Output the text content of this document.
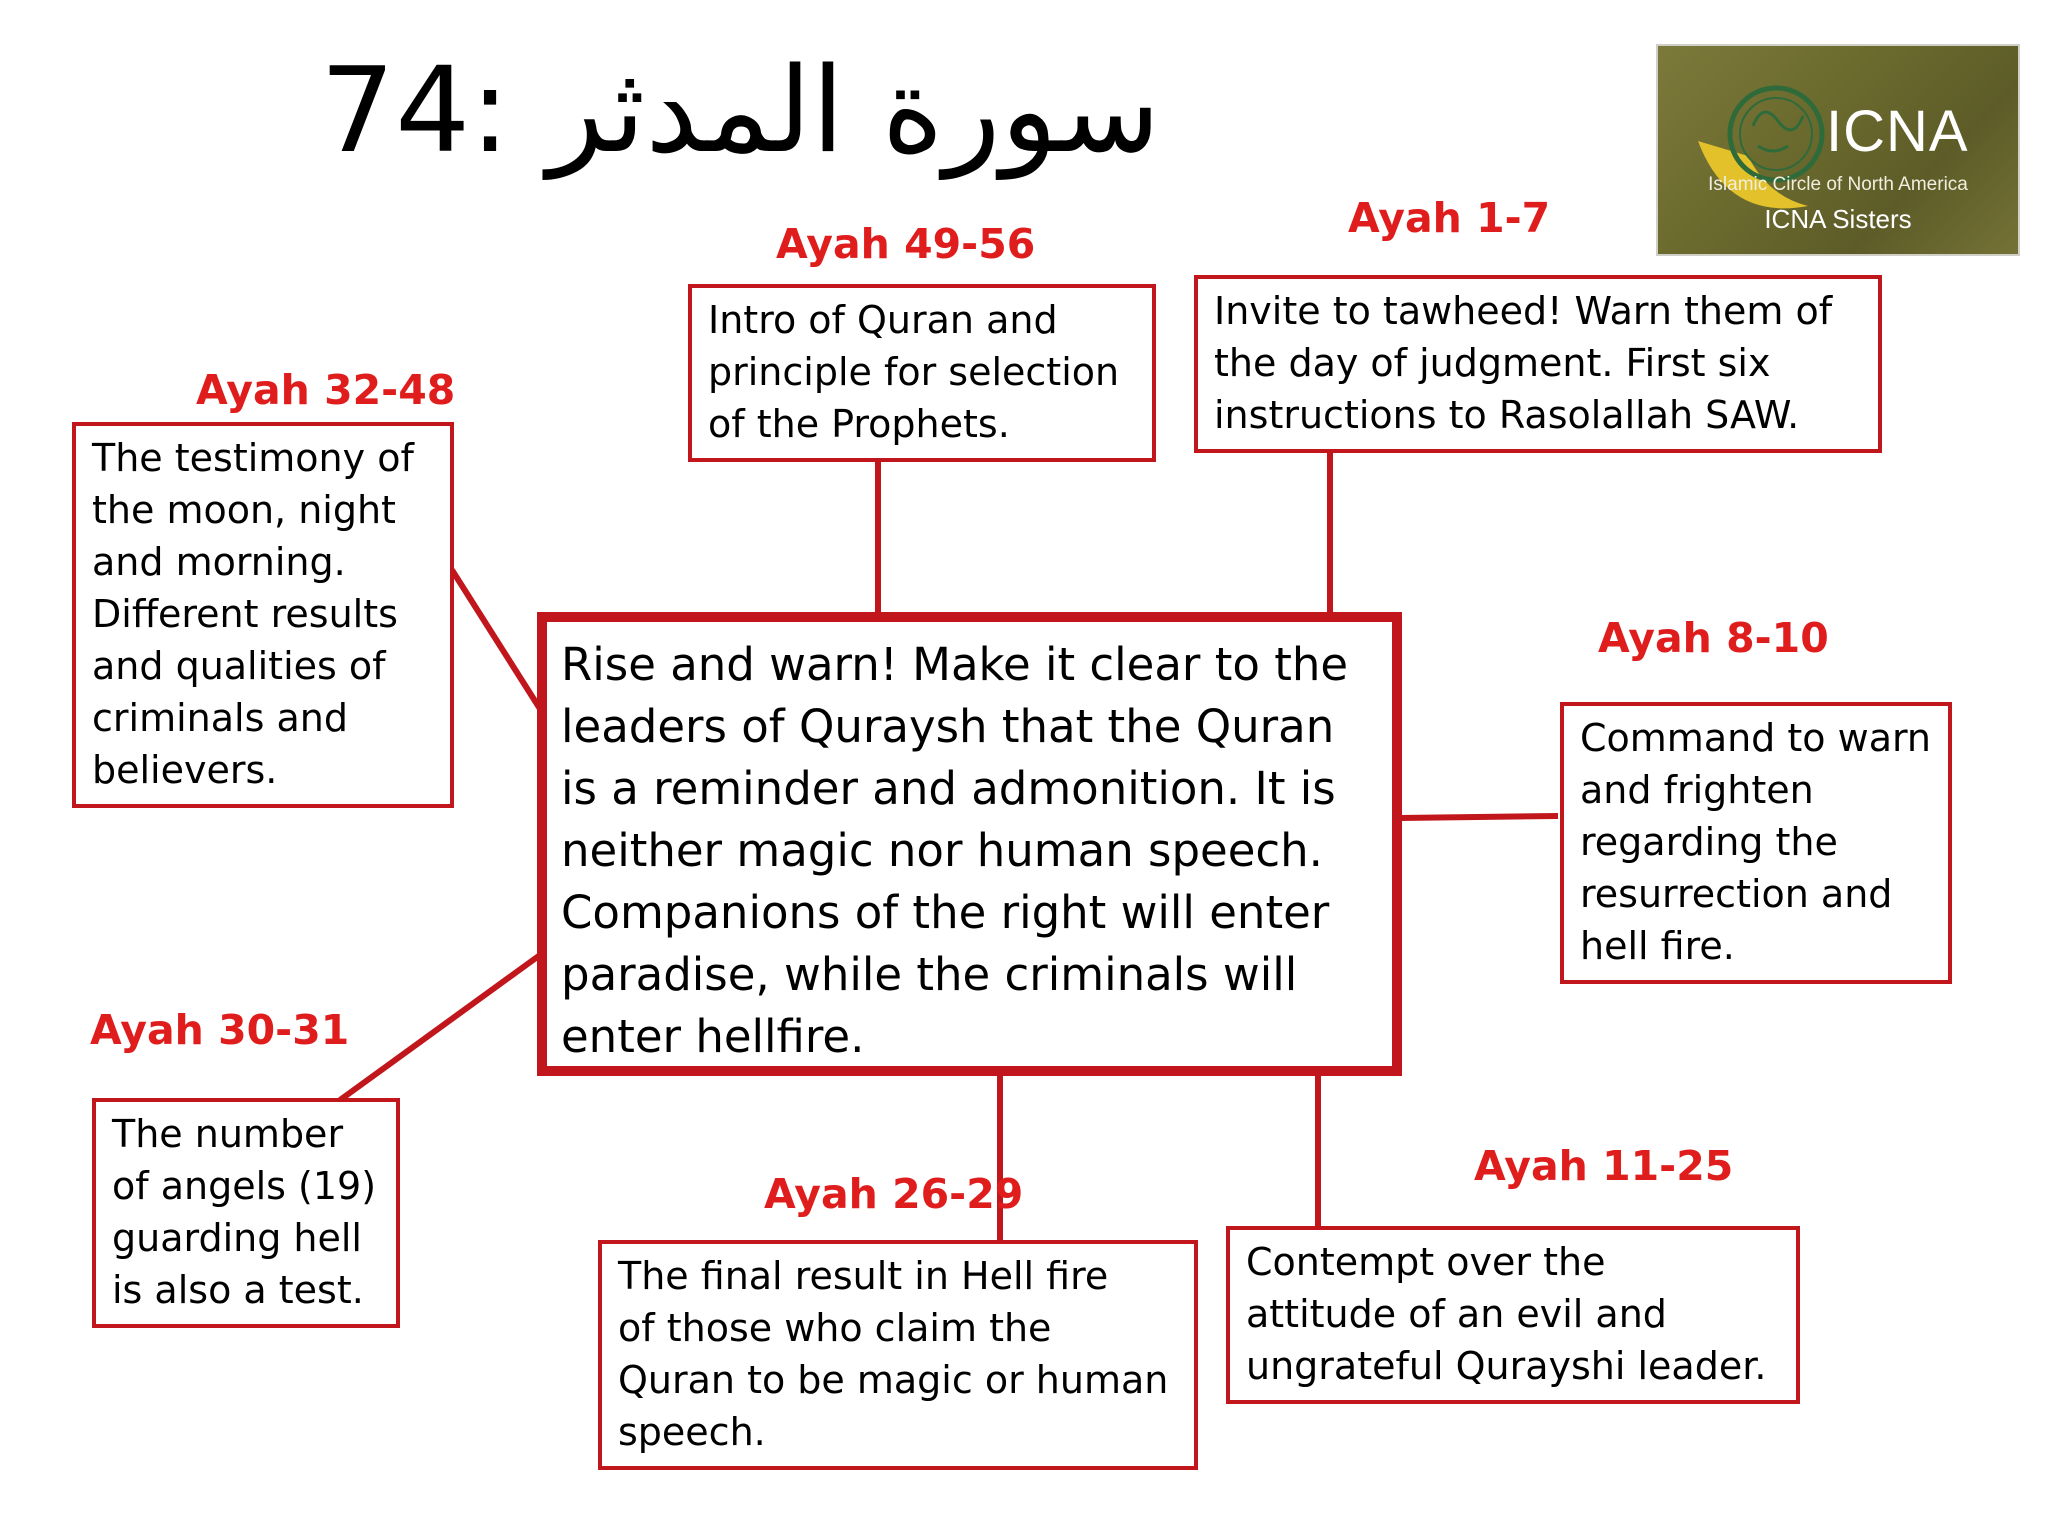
74: سورة المدثر	ICNA
Islamic Circle of North America
ICNA Sisters
Rise and warn! Make it clear to the
leaders of Quraysh that the Quran
is a reminder and admonition. It is
neither magic nor human speech.
Companions of the right will enter
paradise, while the criminals will
enter hellfire.
Ayah 49-56
Intro of Quran and
principle for selection
of the Prophets.
Ayah 1-7
Invite to tawheed! Warn them of
the day of judgment. First six
instructions to Rasolallah SAW.
Ayah 32-48
The testimony of
the moon, night
and morning.
Different results
and qualities of
criminals and
believers.
Ayah 8-10
Command to warn
and frighten
regarding the
resurrection and
hell fire.
Ayah 30-31
The number
of angels (19)
guarding hell
is also a test.
Ayah 26-29
The final result in Hell fire
of those who claim the
Quran to be magic or human
speech.
Ayah 11-25
Contempt over the
attitude of an evil and
ungrateful Qurayshi leader.
